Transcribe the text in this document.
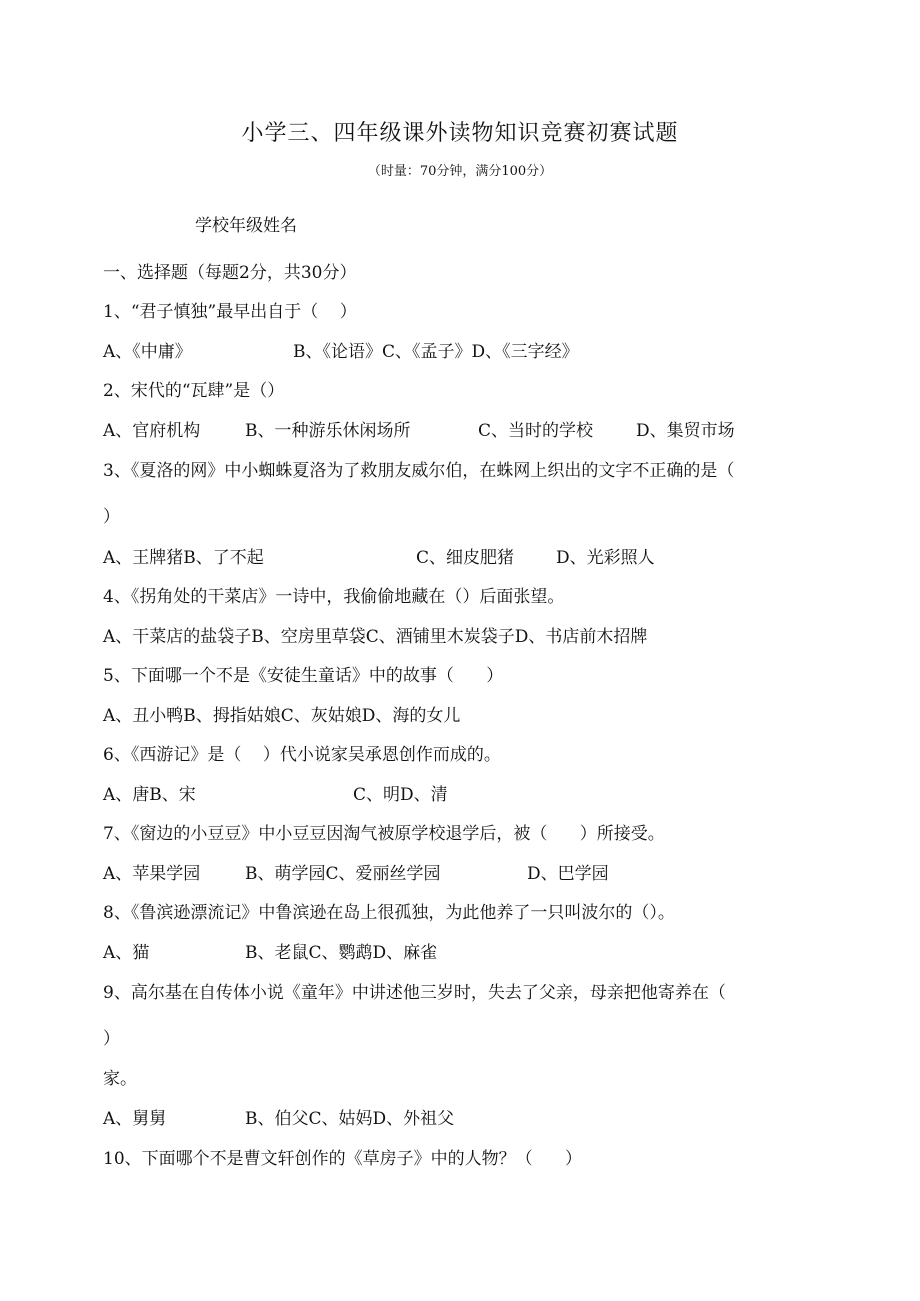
小学三、四年级课外读物知识竞赛初赛试题
（时量：70分钟，满分100分）
学校年级姓名
一、选择题（每题2分，共30分）
1、“君子慎独”最早出自于（    ）
A、《中庸》	B、《论语》C、《孟子》D、《三字经》
2、宋代的“瓦肆”是（）
A、官府机构	B、一种游乐休闲场所	C、当时的学校	D、集贸市场
3、《夏洛的网》中小蜘蛛夏洛为了救朋友威尔伯，在蛛网上织出的文字不正确的是（
）
A、王牌猪B、了不起	C、细皮肥猪 D、光彩照人
4、《拐角处的干菜店》一诗中，我偷偷地藏在（）后面张望。
A、干菜店的盐袋子B、空房里草袋C、酒铺里木炭袋子D、书店前木招牌
5、下面哪一个不是《安徒生童话》中的故事（      ）
A、丑小鸭B、拇指姑娘C、灰姑娘D、海的女儿
6、《西游记》是（    ）代小说家吴承恩创作而成的。
A、唐B、宋	C、明D、清
7、《窗边的小豆豆》中小豆豆因淘气被原学校退学后，被（      ）所接受。
A、苹果学园	B、萌学园C、爱丽丝学园	D、巴学园
8、《鲁滨逊漂流记》中鲁滨逊在岛上很孤独，为此他养了一只叫波尔的（）。
A、猫	B、老鼠C、鹦鹉D、麻雀
9、高尔基在自传体小说《童年》中讲述他三岁时，失去了父亲，母亲把他寄养在（
）
家。
A、舅舅	B、伯父C、姑妈D、外祖父
10、下面哪个不是曹文轩创作的《草房子》中的人物？（      ）
